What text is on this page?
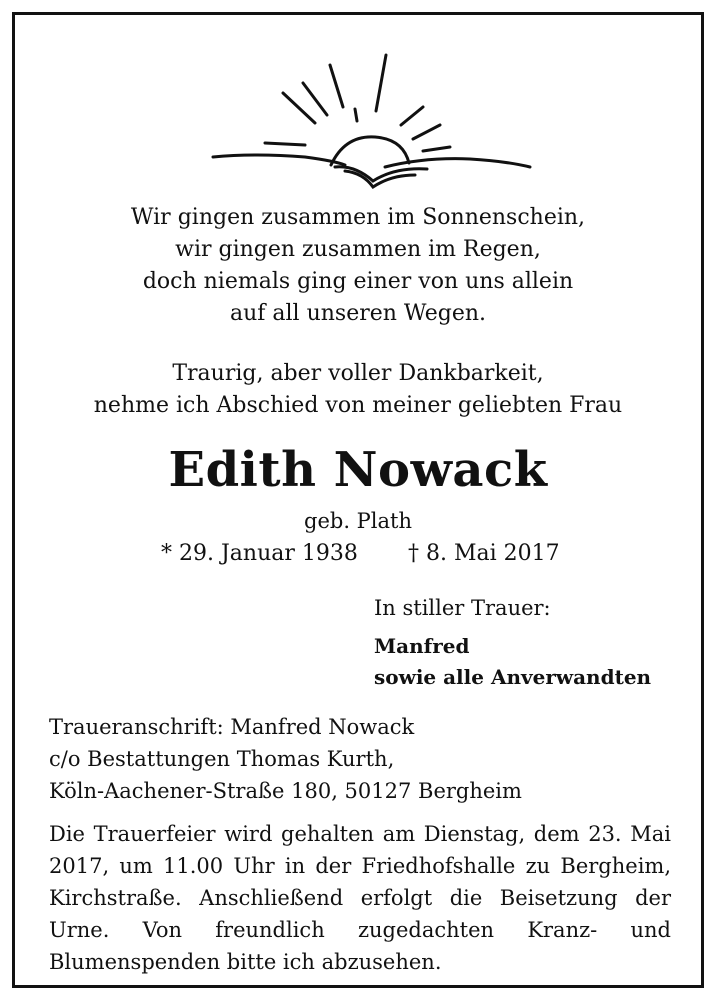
Wir gingen zusammen im Sonnenschein,
wir gingen zusammen im Regen,
doch niemals ging einer von uns allein
auf all unseren Wegen.
Traurig, aber voller Dankbarkeit,
nehme ich Abschied von meiner geliebten Frau
Edith Nowack
geb. Plath
* 29. Januar 1938 † 8. Mai 2017
In stiller Trauer:
Manfred
sowie alle Anverwandten
Traueranschrift: Manfred Nowack
c/o Bestattungen Thomas Kurth,
Köln-Aachener-Straße 180, 50127 Bergheim
Die Trauerfeier wird gehalten am Dienstag, dem 23. Mai 2017, um 11.00 Uhr in der Friedhofshalle zu Bergheim, Kirchstraße. Anschließend erfolgt die Beisetzung der Urne. Von freundlich zugedachten Kranz- und Blumenspenden bitte ich abzusehen.
